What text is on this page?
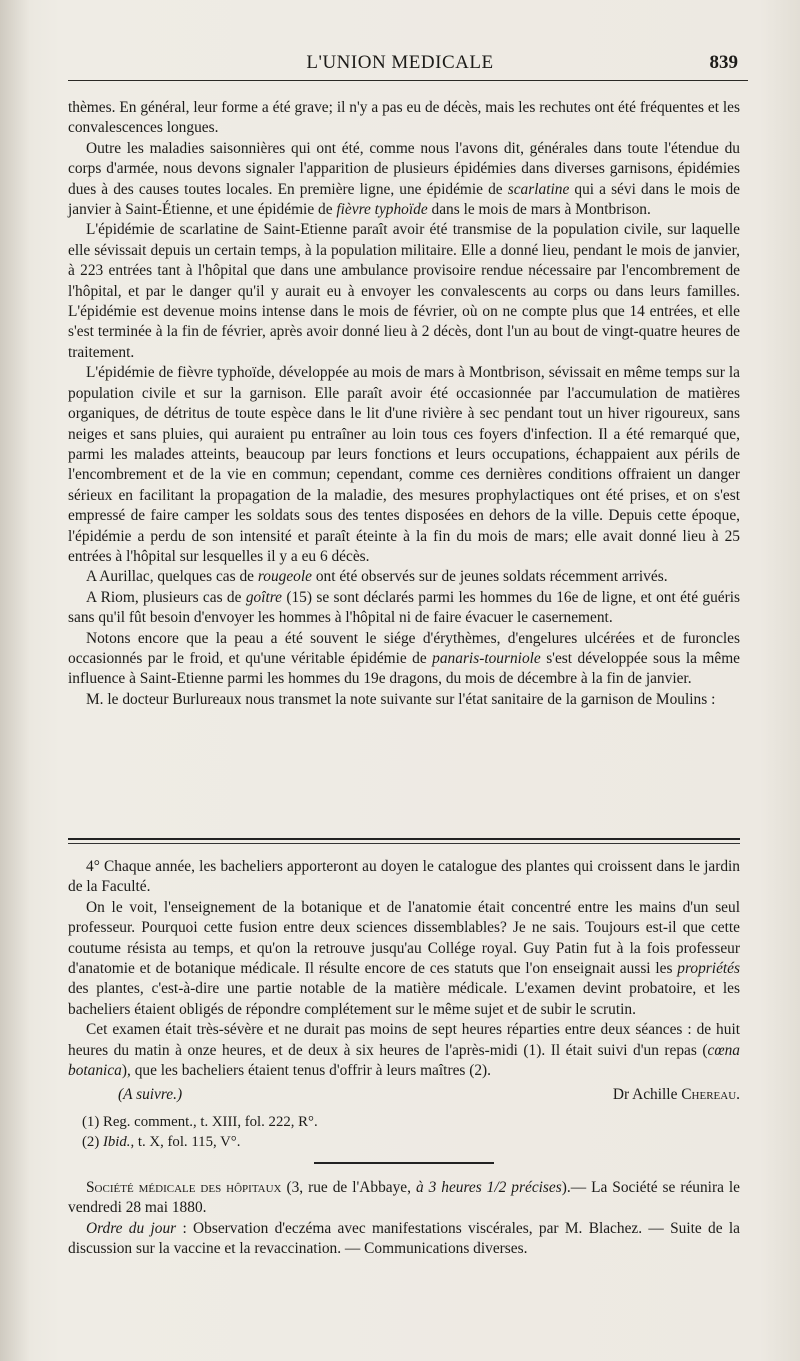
L'UNION MEDICALE	839

thèmes. En général, leur forme a été grave; il n'y a pas eu de décès, mais les rechutes ont été fréquentes et les convalescences longues.

Outre les maladies saisonnières qui ont été, comme nous l'avons dit, générales dans toute l'étendue du corps d'armée, nous devons signaler l'apparition de plusieurs épidémies dans diverses garnisons, épidémies dues à des causes toutes locales. En première ligne, une épidémie de scarlatine qui a sévi dans le mois de janvier à Saint-Étienne, et une épidémie de fièvre typhoïde dans le mois de mars à Montbrison.

L'épidémie de scarlatine de Saint-Etienne paraît avoir été transmise de la population civile, sur laquelle elle sévissait depuis un certain temps, à la population militaire. Elle a donné lieu, pendant le mois de janvier, à 223 entrées tant à l'hôpital que dans une ambulance provisoire rendue nécessaire par l'encombrement de l'hôpital, et par le danger qu'il y aurait eu à envoyer les convalescents au corps ou dans leurs familles. L'épidémie est devenue moins intense dans le mois de février, où on ne compte plus que 14 entrées, et elle s'est terminée à la fin de février, après avoir donné lieu à 2 décès, dont l'un au bout de vingt-quatre heures de traitement.

L'épidémie de fièvre typhoïde, développée au mois de mars à Montbrison, sévissait en même temps sur la population civile et sur la garnison. Elle paraît avoir été occasionnée par l'accumulation de matières organiques, de détritus de toute espèce dans le lit d'une rivière à sec pendant tout un hiver rigoureux, sans neiges et sans pluies, qui auraient pu entraîner au loin tous ces foyers d'infection. Il a été remarqué que, parmi les malades atteints, beaucoup par leurs fonctions et leurs occupations, échappaient aux périls de l'encombrement et de la vie en commun; cependant, comme ces dernières conditions offraient un danger sérieux en facilitant la propagation de la maladie, des mesures prophylactiques ont été prises, et on s'est empressé de faire camper les soldats sous des tentes disposées en dehors de la ville. Depuis cette époque, l'épidémie a perdu de son intensité et paraît éteinte à la fin du mois de mars; elle avait donné lieu à 25 entrées à l'hôpital sur lesquelles il y a eu 6 décès.

A Aurillac, quelques cas de rougeole ont été observés sur de jeunes soldats récemment arrivés.

A Riom, plusieurs cas de goître (15) se sont déclarés parmi les hommes du 16e de ligne, et ont été guéris sans qu'il fût besoin d'envoyer les hommes à l'hôpital ni de faire évacuer le casernement.

Notons encore que la peau a été souvent le siége d'érythèmes, d'engelures ulcérées et de furoncles occasionnés par le froid, et qu'une véritable épidémie de panaris-tourniole s'est développée sous la même influence à Saint-Etienne parmi les hommes du 19e dragons, du mois de décembre à la fin de janvier.

M. le docteur Burlureaux nous transmet la note suivante sur l'état sanitaire de la garnison de Moulins :

4° Chaque année, les bacheliers apporteront au doyen le catalogue des plantes qui croissent dans le jardin de la Faculté.

On le voit, l'enseignement de la botanique et de l'anatomie était concentré entre les mains d'un seul professeur. Pourquoi cette fusion entre deux sciences dissemblables? Je ne sais. Toujours est-il que cette coutume résista au temps, et qu'on la retrouve jusqu'au Collége royal. Guy Patin fut à la fois professeur d'anatomie et de botanique médicale. Il résulte encore de ces statuts que l'on enseignait aussi les propriétés des plantes, c'est-à-dire une partie notable de la matière médicale. L'examen devint probatoire, et les bacheliers étaient obligés de répondre complétement sur le même sujet et de subir le scrutin.

Cet examen était très-sévère et ne durait pas moins de sept heures réparties entre deux séances : de huit heures du matin à onze heures, et de deux à six heures de l'après-midi (1). Il était suivi d'un repas (cœna botanica), que les bacheliers étaient tenus d'offrir à leurs maîtres (2).

(A suivre.)	Dr Achille Chereau.
(1) Reg. comment., t. XIII, fol. 222, R°.
(2) Ibid., t. X, fol. 115, V°.

Société médicale des hôpitaux (3, rue de l'Abbaye, à 3 heures 1/2 précises).— La Société se réunira le vendredi 28 mai 1880.

Ordre du jour : Observation d'eczéma avec manifestations viscérales, par M. Blachez. — Suite de la discussion sur la vaccine et la revaccination. — Communications diverses.
